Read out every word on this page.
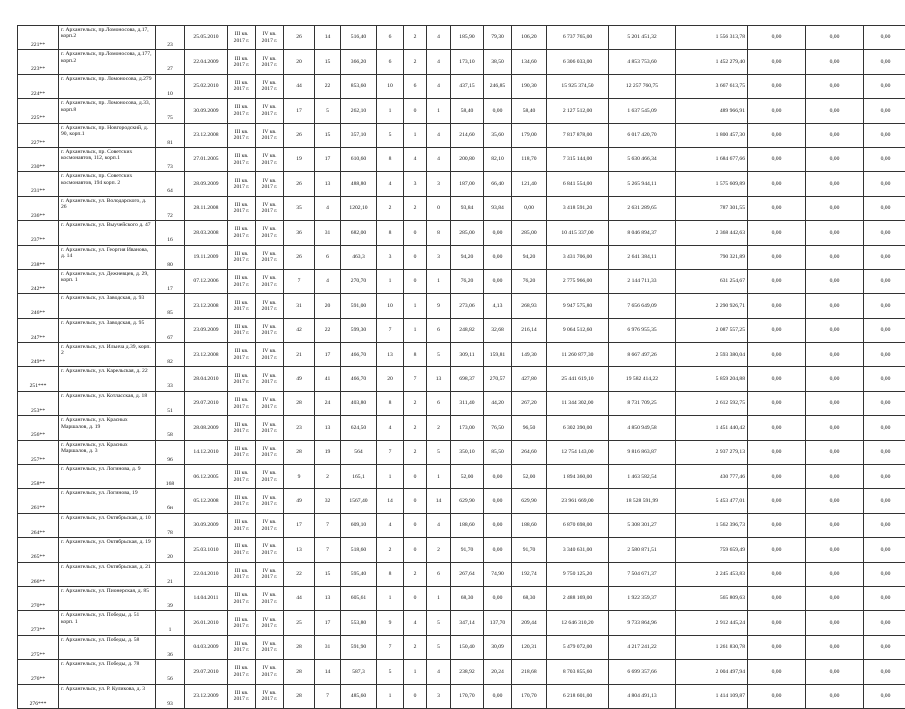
221**	г. Архангельск, пр.Ломоносова, д.17, корп.2	23	25.05.2010	III кв. 2017 г.	IV кв. 2017 г.	26	14	516,40	6	2	4	185,90	79,30	106,20	6 737 765,00	5 201 451,32	1 556 313,78	0,00	0,00	0,00
223**	г. Архангельск, пр.Ломоносова, д.177, корп.2	27	22.04.2009	III кв. 2017 г.	IV кв. 2017 г.	20	15	366,20	6	2	4	173,10	38,50	134,60	6 306 033,00	4 853 753,60	1 452 279,40	0,00	0,00	0,00
224**	г. Архангельск, пр. Ломоносова, д.279	10	25.02.2010	III кв. 2017 г.	IV кв. 2017 г.	44	22	853,60	10	6	4	437,15	246,85	190,30	15 925 374,50	12 257 760,75	3 667 613,75	0,00	0,00	0,00
225**	г. Архангельск, пр. Ломоносова, д.33, корп.8	75	30.09.2009	III кв. 2017 г.	IV кв. 2017 г.	17	5	262,10	1	0	1	58,40	0,00	58,40	2 127 512,00	1 637 545,09	489 966,91	0,00	0,00	0,00
227**	г. Архангельск, пр. Новгородский, д. 90, корп.1	81	23.12.2008	III кв. 2017 г.	IV кв. 2017 г.	26	15	357,10	5	1	4	214,60	35,60	179,00	7 817 878,00	6 017 420,70	1 800 457,30	0,00	0,00	0,00
230**	г. Архангельск, пр. Советских космонавтов, 112, корп.1	73	27.01.2005	III кв. 2017 г.	IV кв. 2017 г.	19	17	610,60	8	4	4	200,80	82,10	118,70	7 315 144,00	5 630 466,34	1 684 677,66	0,00	0,00	0,00
231**	г. Архангельск, пр. Советских космонавтов, 194 корп. 2	64	28.09.2009	III кв. 2017 г.	IV кв. 2017 г.	26	13	488,80	4	3	3	187,00	66,40	121,40	6 841 554,00	5 265 944,11	1 575 609,89	0,00	0,00	0,00
236**	г. Архангельск, ул. Володарского, д. 26	72	28.11.2008	III кв. 2017 г.	IV кв. 2017 г.	35	4	1202,10	2	2	0	93,84	93,84	0,00	3 418 591,20	2 631 289,65	787 301,55	0,00	0,00	0,00
237**	г. Архангельск, ул. Выучейского д. 47	16	28.03.2008	III кв. 2017 г.	IV кв. 2017 г.	36	31	682,00	8	0	8	285,00	0,00	285,00	10 415 337,00	8 046 894,37	2 368 442,63	0,00	0,00	0,00
238**	г. Архангельск, ул. Георгия Иванова, д. 14	80	19.11.2009	III кв. 2017 г.	IV кв. 2017 г.	26	6	463,3	3	0	3	94,20	0,00	94,20	3 431 706,00	2 641 384,11	790 321,89	0,00	0,00	0,00
242**	г. Архангельск, ул. Дежневцев, д. 29, корп. 1	17	07.12.2006	III кв. 2017 г.	IV кв. 2017 г.	7	4	270,70	1	0	1	76,20	0,00	76,20	2 775 966,00	2 144 711,33	631 254,67	0,00	0,00	0,00
246**	г. Архангельск, ул. Заводская, д. 93	85	23.12.2008	III кв. 2017 г.	IV кв. 2017 г.	31	20	591,00	10	1	9	273,06	4,13	268,93	9 947 575,80	7 656 649,09	2 290 926,71	0,00	0,00	0,00
247**	г. Архангельск, ул. Заводская, д. 95	67	23.09.2009	III кв. 2017 г.	IV кв. 2017 г.	42	22	599,30	7	1	6	248,82	32,68	216,14	9 064 512,60	6 976 955,35	2 087 557,25	0,00	0,00	0,00
249**	г. Архангельск, ул. Ильича д.39, корп. 2	82	23.12.2008	III кв. 2017 г.	IV кв. 2017 г.	21	17	466,70	13	8	5	309,11	159,81	149,30	11 260 877,30	8 667 497,26	2 593 380,04	0,00	0,00	0,00
251***	г. Архангельск, ул. Карельская, д. 22	33	28.04.2010	III кв. 2017 г.	IV кв. 2017 г.	49	41	466,70	20	7	13	698,37	270,57	427,80	25 441 619,10	19 582 414,22	5 859 204,88	0,00	0,00	0,00
253**	г. Архангельск, ул. Котласская, д. 18	51	29.07.2010	III кв. 2017 г.	IV кв. 2017 г.	28	24	403,80	8	2	6	311,40	44,20	267,20	11 344 302,00	8 731 709,25	2 612 592,75	0,00	0,00	0,00
256**	г. Архангельск, ул. Красных Маршалов, д. 19	58	28.08.2009	III кв. 2017 г.	IV кв. 2017 г.	23	13	624,50	4	2	2	173,00	76,50	96,50	6 302 390,00	4 850 949,58	1 451 440,42	0,00	0,00	0,00
257**	г. Архангельск, ул. Красных Маршалов, д. 3	96	14.12.2010	III кв. 2017 г.	IV кв. 2017 г.	28	19	564	7	2	5	350,10	85,50	264,60	12 754 143,00	9 816 863,87	2 937 279,13	0,00	0,00	0,00
258**	г. Архангельск, ул. Логинова, д. 9	168	06.12.2005	III кв. 2017 г.	IV кв. 2017 г.	9	2	165,1	1	0	1	52,00	0,00	52,00	1 894 360,00	1 463 582,54	430 777,46	0,00	0,00	0,00
261**	г. Архангельск, ул. Логинова, 19	6н	05.12.2008	III кв. 2017 г.	IV кв. 2017 г.	49	32	1567,40	14	0	14	629,90	0,00	629,90	23 961 669,00	18 528 591,99	5 453 477,01	0,00	0,00	0,00
264**	г. Архангельск, ул. Октябрьская, д. 10	78	30.09.2009	III кв. 2017 г.	IV кв. 2017 г.	17	7	609,10	4	0	4	188,60	0,00	188,60	6 870 698,00	5 308 301,27	1 562 396,73	0,00	0,00	0,00
265**	г. Архангельск, ул. Октябрьская, д. 19	20	25.03.1010	III кв. 2017 г.	IV кв. 2017 г.	13	7	518,60	2	0	2	91,70	0,00	91,70	3 340 631,00	2 580 871,51	759 659,49	0,00	0,00	0,00
266**	г. Архангельск, ул. Октябрьская, д. 21	21	22.04.2010	III кв. 2017 г.	IV кв. 2017 г.	22	15	595,40	8	2	6	267,64	74,90	192,74	9 750 125,20	7 504 671,37	2 245 453,83	0,00	0,00	0,00
270**	г. Архангельск, ул. Пионерская, д. 85	39	14.04.2011	III кв. 2017 г.	IV кв. 2017 г.	44	13	605,61	1	0	1	68,30	0,00	68,30	2 488 169,00	1 922 359,37	565 809,63	0,00	0,00	0,00
273**	г. Архангельск, ул. Победы, д. 51 корп. 1	1	26.01.2010	III кв. 2017 г.	IV кв. 2017 г.	25	17	553,80	9	4	5	347,14	137,70	209,44	12 646 310,20	9 733 864,96	2 912 445,24	0,00	0,00	0,00
275**	г. Архангельск, ул. Победы, д. 58	36	04.03.2009	III кв. 2017 г.	IV кв. 2017 г.	28	31	591,90	7	2	5	150,40	30,09	120,31	5 479 072,00	4 217 241,22	1 261 830,78	0,00	0,00	0,00
276**	г. Архангельск, ул. Победы, д. 78	56	29.07.2010	III кв. 2017 г.	IV кв. 2017 г.	28	14	587,3	5	1	4	238,92	20,24	218,68	8 703 855,60	6 699 357,66	2 004 497,94	0,00	0,00	0,00
276***	г. Архангельск, ул. Р. Куликова, д. 3	93	23.12.2009	III кв. 2017 г.	IV кв. 2017 г.	28	7	485,60	1	0	3	170,70	0,00	170,70	6 218 601,00	4 804 491,13	1 414 109,87	0,00	0,00	0,00
